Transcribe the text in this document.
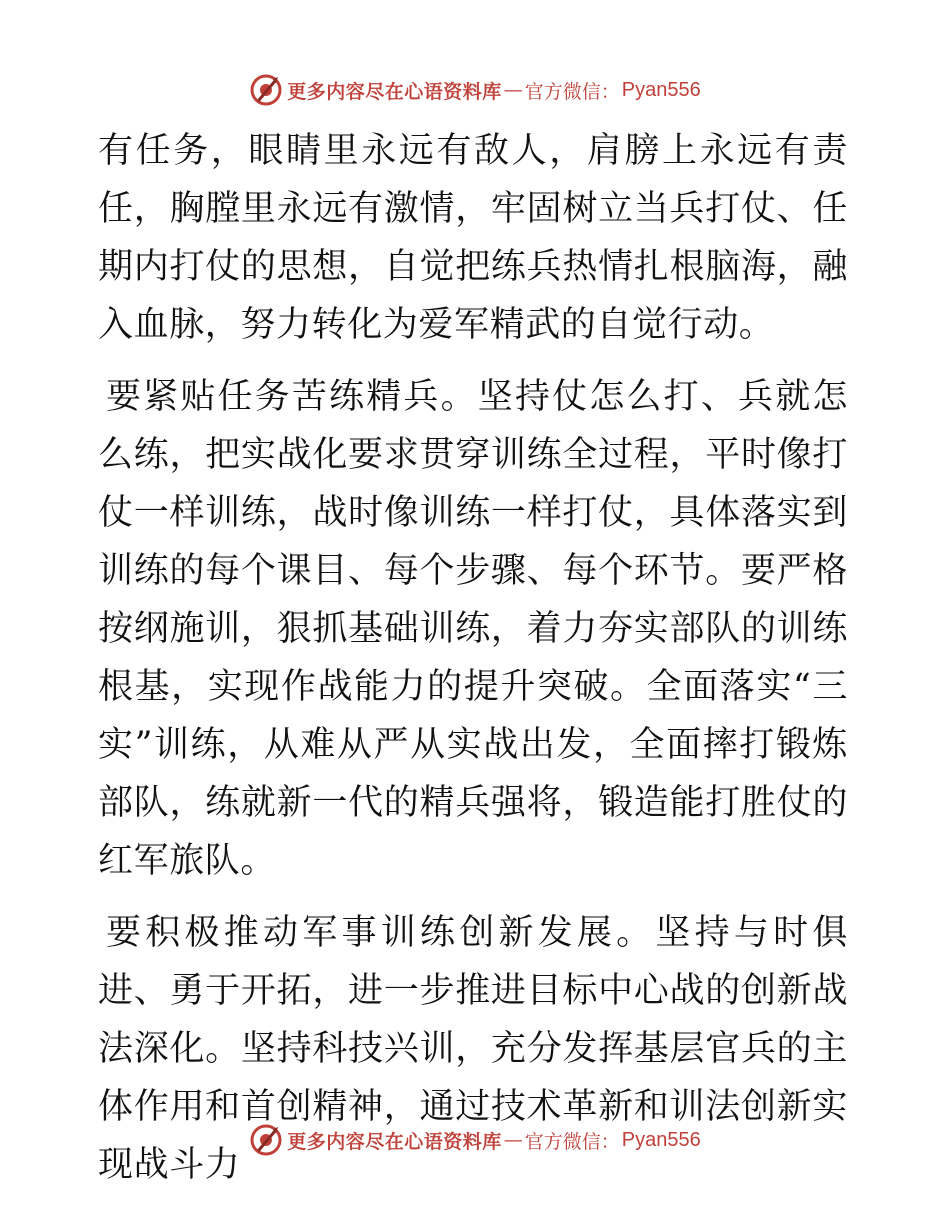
更多内容尽在心语资料库 — 官方微信： Pyan556

有任务，眼睛里永远有敌人，肩膀上永远有责任，胸膛里永远有激情，牢固树立当兵打仗、任期内打仗的思想，自觉把练兵热情扎根脑海，融入血脉，努力转化为爱军精武的自觉行动。

要紧贴任务苦练精兵。坚持仗怎么打、兵就怎么练，把实战化要求贯穿训练全过程，平时像打仗一样训练，战时像训练一样打仗，具体落实到训练的每个课目、每个步骤、每个环节。要严格按纲施训，狠抓基础训练，着力夯实部队的训练根基，实现作战能力的提升突破。全面落实“三实”训练，从难从严从实战出发，全面摔打锻炼部队，练就新一代的精兵强将，锻造能打胜仗的红军旅队。

要积极推动军事训练创新发展。坚持与时俱进、勇于开拓，进一步推进目标中心战的创新战法深化。坚持科技兴训，充分发挥基层官兵的主体作用和首创精神，通过技术革新和训法创新实现战斗力

更多内容尽在心语资料库 — 官方微信： Pyan556
